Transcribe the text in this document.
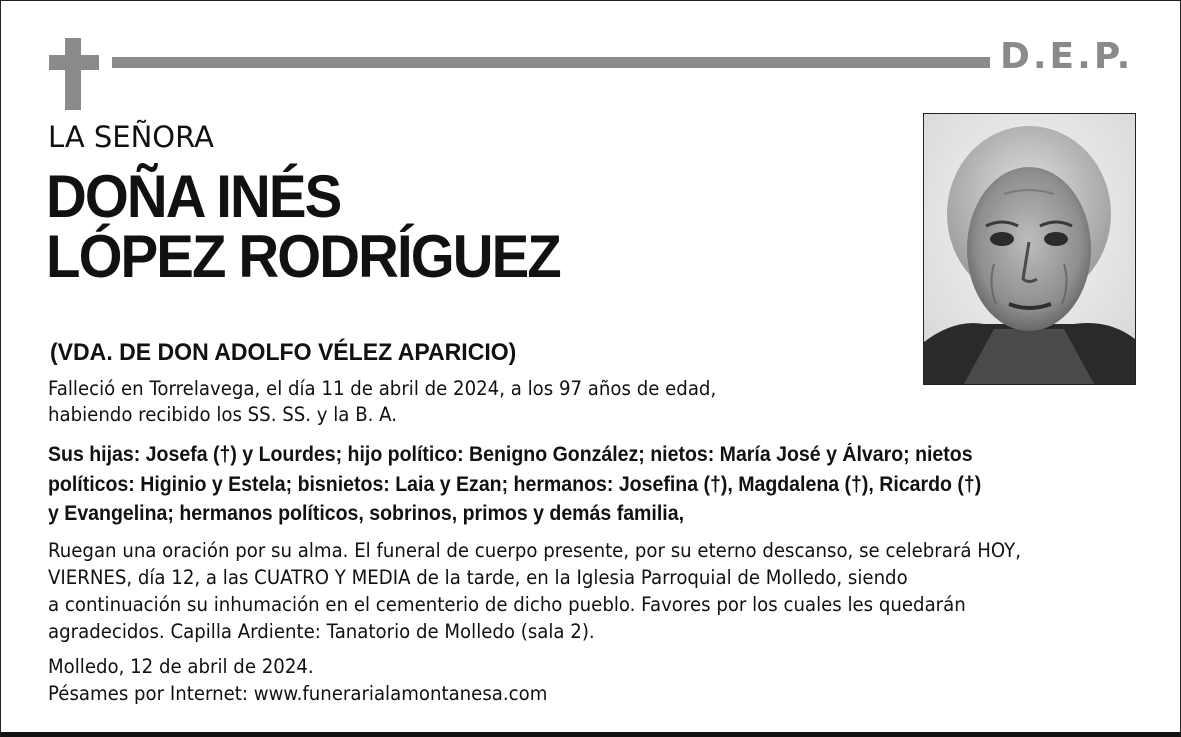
D.E.P.
LA SEÑORA
DOÑA INÉS
LÓPEZ RODRÍGUEZ
(VDA. DE DON ADOLFO VÉLEZ APARICIO)
Falleció en Torrelavega, el día 11 de abril de 2024, a los 97 años de edad,
habiendo recibido los SS. SS. y la B. A.
Sus hijas: Josefa (†) y Lourdes; hijo político: Benigno González; nietos: María José y Álvaro; nietos
políticos: Higinio y Estela; bisnietos: Laia y Ezan; hermanos: Josefina (†), Magdalena (†), Ricardo (†)
y Evangelina; hermanos políticos, sobrinos, primos y demás familia,
Ruegan una oración por su alma. El funeral de cuerpo presente, por su eterno descanso, se celebrará HOY,
VIERNES, día 12, a las CUATRO Y MEDIA de la tarde, en la Iglesia Parroquial de Molledo, siendo
a continuación su inhumación en el cementerio de dicho pueblo. Favores por los cuales les quedarán
agradecidos. Capilla Ardiente: Tanatorio de Molledo (sala 2).
Molledo, 12 de abril de 2024.
Pésames por Internet: www.funerarialamontanesa.com
